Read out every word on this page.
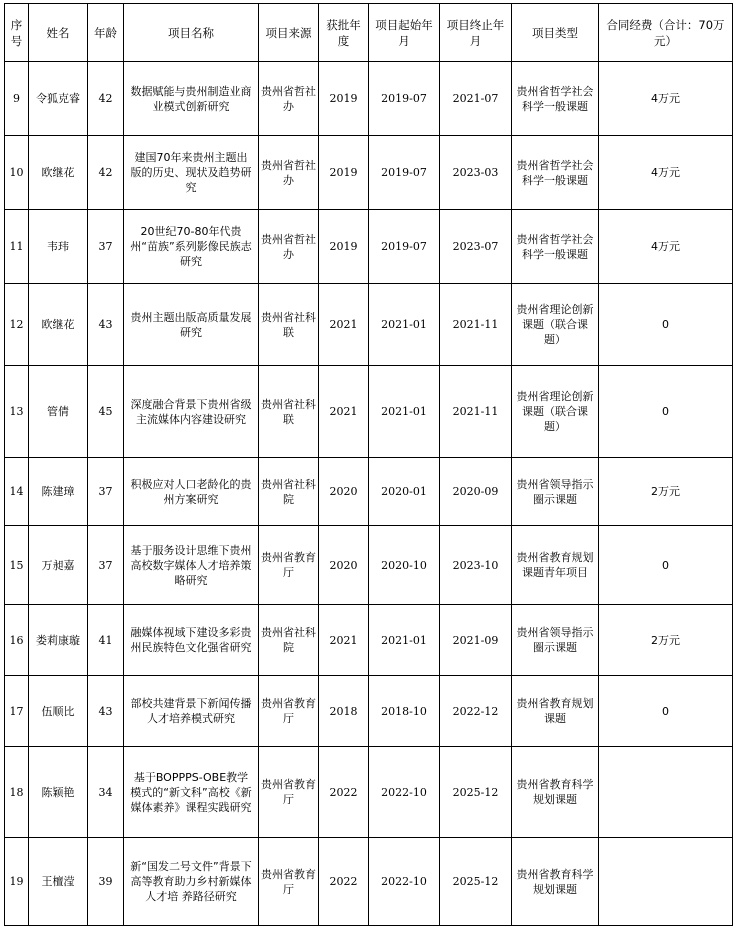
序号	姓名	年龄	项目名称	项目来源	获批年度	项目起始年月	项目终止年月	项目类型	合同经费（合计：70万元）
9	令狐克睿	42	数据赋能与贵州制造业商业模式创新研究	贵州省哲社办	2019	2019-07	2021-07	贵州省哲学社会科学一般课题	4万元
10	欧继花	42	建国70年来贵州主题出版的历史、现状及趋势研究	贵州省哲社办	2019	2019-07	2023-03	贵州省哲学社会科学一般课题	4万元
11	韦玮	37	20世纪70-80年代贵州“苗族”系列影像民族志研究	贵州省哲社办	2019	2019-07	2023-07	贵州省哲学社会科学一般课题	4万元
12	欧继花	43	贵州主题出版高质量发展研究	贵州省社科联	2021	2021-01	2021-11	贵州省理论创新课题（联合课题）	0
13	管倩	45	深度融合背景下贵州省级主流媒体内容建设研究	贵州省社科联	2021	2021-01	2021-11	贵州省理论创新课题（联合课题）	0
14	陈建璋	37	积极应对人口老龄化的贵州方案研究	贵州省社科院	2020	2020-01	2020-09	贵州省领导指示圈示课题	2万元
15	万昶嘉	37	基于服务设计思维下贵州高校数字媒体人才培养策略研究	贵州省教育厅	2020	2020-10	2023-10	贵州省教育规划课题青年项目	0
16	娄莉康璇	41	融媒体视域下建设多彩贵州民族特色文化强省研究	贵州省社科院	2021	2021-01	2021-09	贵州省领导指示圈示课题	2万元
17	伍顺比	43	部校共建背景下新闻传播人才培养模式研究	贵州省教育厅	2018	2018-10	2022-12	贵州省教育规划课题	0
18	陈颖艳	34	基于BOPPPS-OBE教学模式的“新文科”高校《新媒体素养》课程实践研究	贵州省教育厅	2022	2022-10	2025-12	贵州省教育科学规划课题	
19	王檀滢	39	新“国发二号文件”背景下高等教育助力乡村新媒体人才培 养路径研究	贵州省教育厅	2022	2022-10	2025-12	贵州省教育科学规划课题	
